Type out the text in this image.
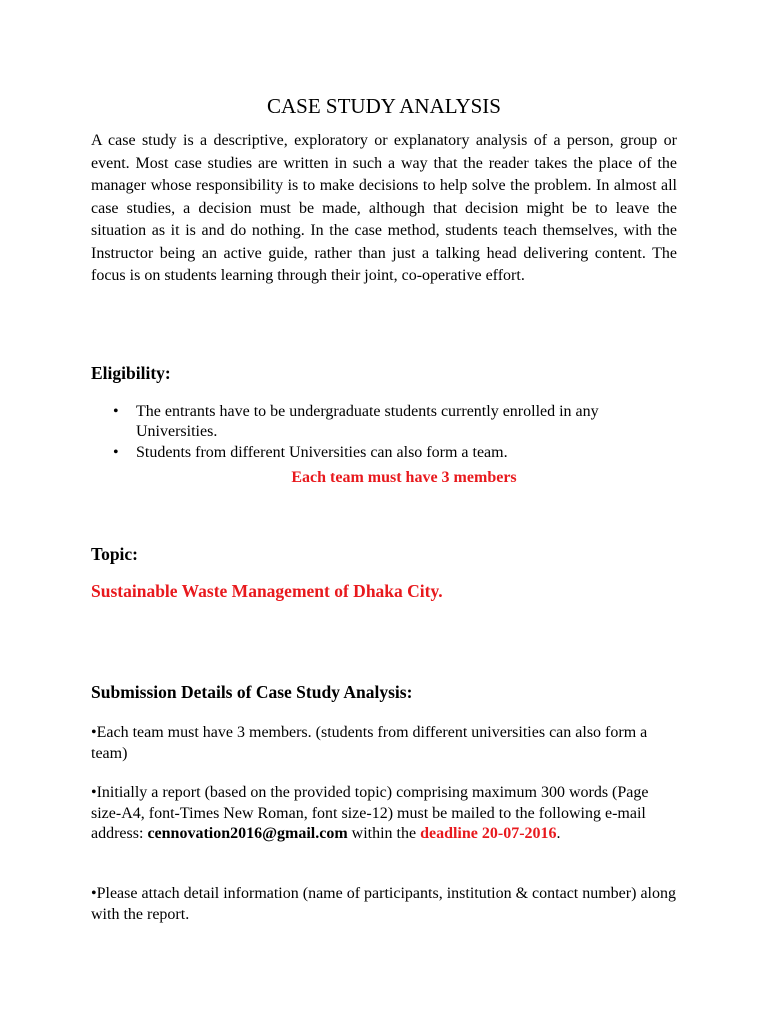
CASE STUDY ANALYSIS

A case study is a descriptive, exploratory or explanatory analysis of a person, group or event. Most case studies are written in such a way that the reader takes the place of the manager whose responsibility is to make decisions to help solve the problem. In almost all case studies, a decision must be made, although that decision might be to leave the situation as it is and do nothing. In the case method, students teach themselves, with the Instructor being an active guide, rather than just a talking head delivering content. The focus is on students learning through their joint, co-operative effort.

Eligibility:
• The entrants have to be undergraduate students currently enrolled in any Universities.
• Students from different Universities can also form a team.
Each team must have 3 members
Topic:
Sustainable Waste Management of Dhaka City.
Submission Details of Case Study Analysis:

•Each team must have 3 members. (students from different universities can also form a team)

•Initially a report (based on the provided topic) comprising maximum 300 words (Page size-A4, font-Times New Roman, font size-12) must be mailed to the following e-mail address: cennovation2016@gmail.com within the deadline 20-07-2016.

•Please attach detail information (name of participants, institution & contact number) along with the report.
